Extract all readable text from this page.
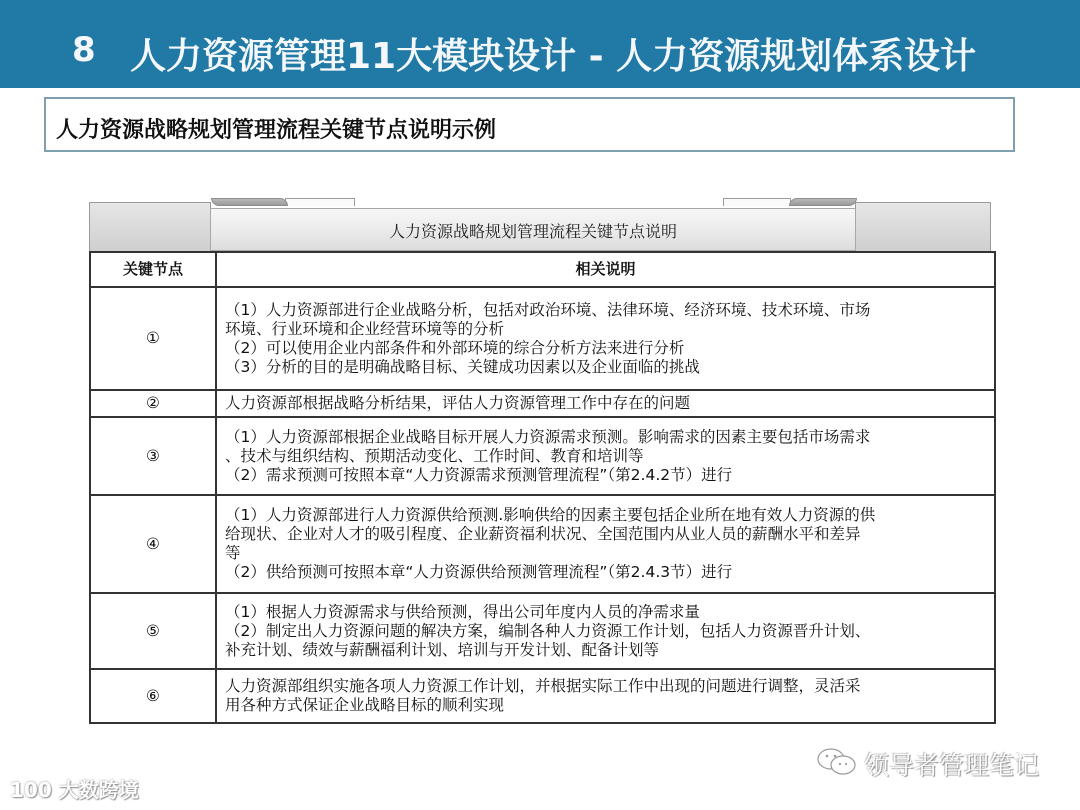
8 人力资源管理11大模块设计 - 人力资源规划体系设计
人力资源战略规划管理流程关键节点说明示例
人力资源战略规划管理流程关键节点说明
关键节点	相关说明
①	（1）人力资源部进行企业战略分析，包括对政治环境、法律环境、经济环境、技术环境、市场
环境、行业环境和企业经营环境等的分析
（2）可以使用企业内部条件和外部环境的综合分析方法来进行分析
（3）分析的目的是明确战略目标、关键成功因素以及企业面临的挑战

②	人力资源部根据战略分析结果，评估人力资源管理工作中存在的问题

③	（1）人力资源部根据企业战略目标开展人力资源需求预测。影响需求的因素主要包括市场需求
、技术与组织结构、预期活动变化、工作时间、教育和培训等
（2）需求预测可按照本章“人力资源需求预测管理流程”（第2.4.2节）进行

④	（1）人力资源部进行人力资源供给预测.影响供给的因素主要包括企业所在地有效人力资源的供
给现状、企业对人才的吸引程度、企业薪资福利状况、全国范围内从业人员的薪酬水平和差异
等
（2）供给预测可按照本章“人力资源供给预测管理流程”（第2.4.3节）进行

⑤	（1）根据人力资源需求与供给预测，得出公司年度内人员的净需求量
（2）制定出人力资源问题的解决方案，编制各种人力资源工作计划，包括人力资源晋升计划、
补充计划、绩效与薪酬福利计划、培训与开发计划、配备计划等

⑥	人力资源部组织实施各项人力资源工作计划，并根据实际工作中出现的问题进行调整，灵活采
用各种方式保证企业战略目标的顺利实现
100 大数跨境
领导者管理笔记
